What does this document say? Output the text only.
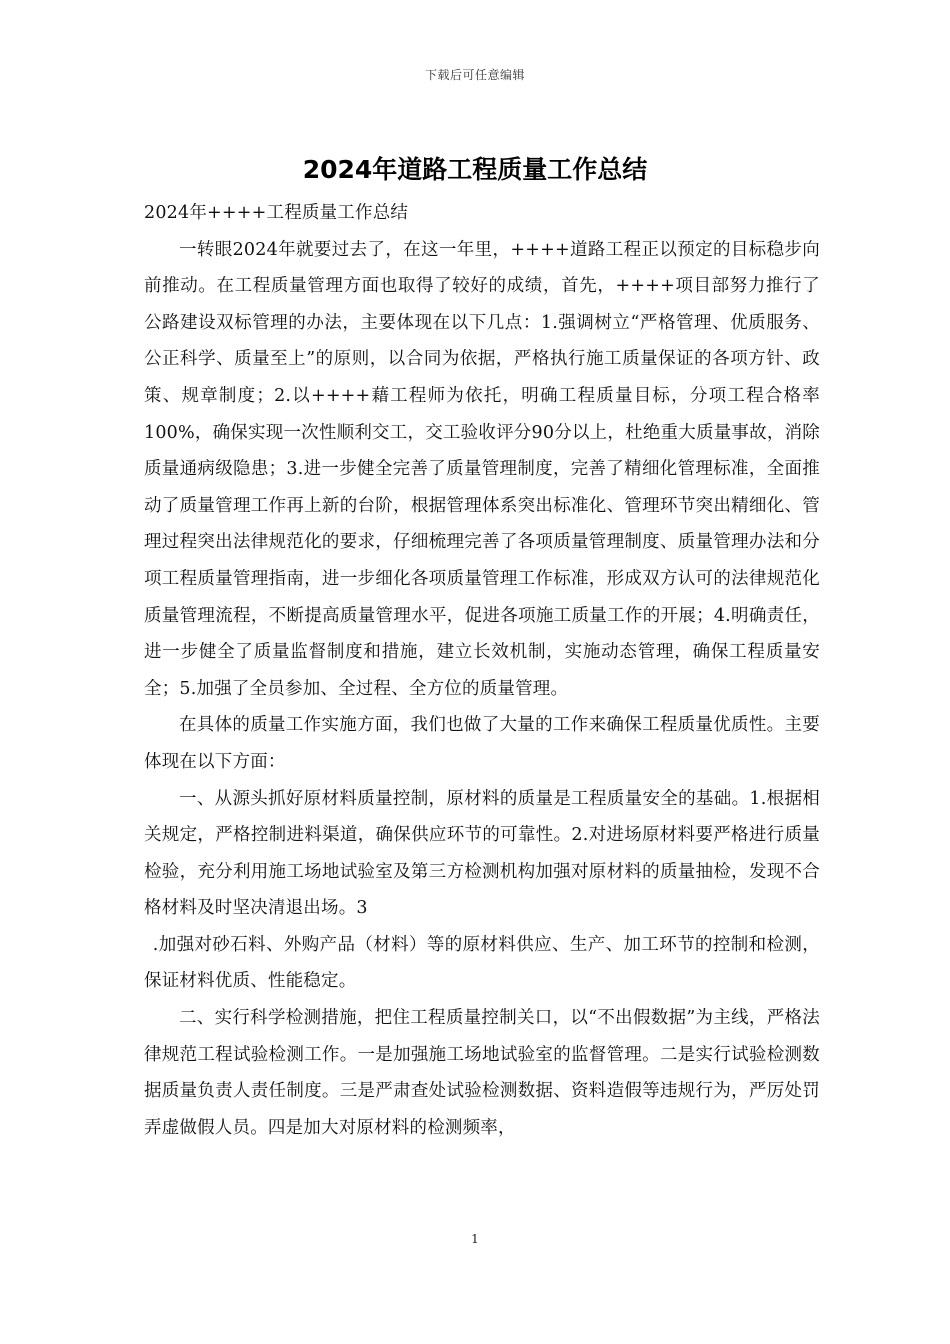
下载后可任意编辑
2024年道路工程质量工作总结

2024年++++工程质量工作总结

一转眼2024年就要过去了，在这一年里，++++道路工程正以预定的目标稳步向前推动。在工程质量管理方面也取得了较好的成绩，首先，++++项目部努力推行了公路建设双标管理的办法，主要体现在以下几点：1.强调树立“严格管理、优质服务、公正科学、质量至上”的原则，以合同为依据，严格执行施工质量保证的各项方针、政策、规章制度；2.以++++藉工程师为依托，明确工程质量目标，分项工程合格率100%，确保实现一次性顺利交工，交工验收评分90分以上，杜绝重大质量事故，消除质量通病级隐患；3.进一步健全完善了质量管理制度，完善了精细化管理标准，全面推动了质量管理工作再上新的台阶，根据管理体系突出标准化、管理环节突出精细化、管理过程突出法律规范化的要求，仔细梳理完善了各项质量管理制度、质量管理办法和分项工程质量管理指南，进一步细化各项质量管理工作标准，形成双方认可的法律规范化质量管理流程，不断提高质量管理水平，促进各项施工质量工作的开展；4.明确责任，进一步健全了质量监督制度和措施，建立长效机制，实施动态管理，确保工程质量安全；5.加强了全员参加、全过程、全方位的质量管理。

在具体的质量工作实施方面，我们也做了大量的工作来确保工程质量优质性。主要体现在以下方面：

一、从源头抓好原材料质量控制，原材料的质量是工程质量安全的基础。1.根据相关规定，严格控制进料渠道，确保供应环节的可靠性。2.对进场原材料要严格进行质量检验，充分利用施工场地试验室及第三方检测机构加强对原材料的质量抽检，发现不合格材料及时坚决清退出场。3

.加强对砂石料、外购产品（材料）等的原材料供应、生产、加工环节的控制和检测，保证材料优质、性能稳定。

二、实行科学检测措施，把住工程质量控制关口，以“不出假数据”为主线，严格法律规范工程试验检测工作。一是加强施工场地试验室的监督管理。二是实行试验检测数据质量负责人责任制度。三是严肃查处试验检测数据、资料造假等违规行为，严厉处罚弄虚做假人员。四是加大对原材料的检测频率，

1
